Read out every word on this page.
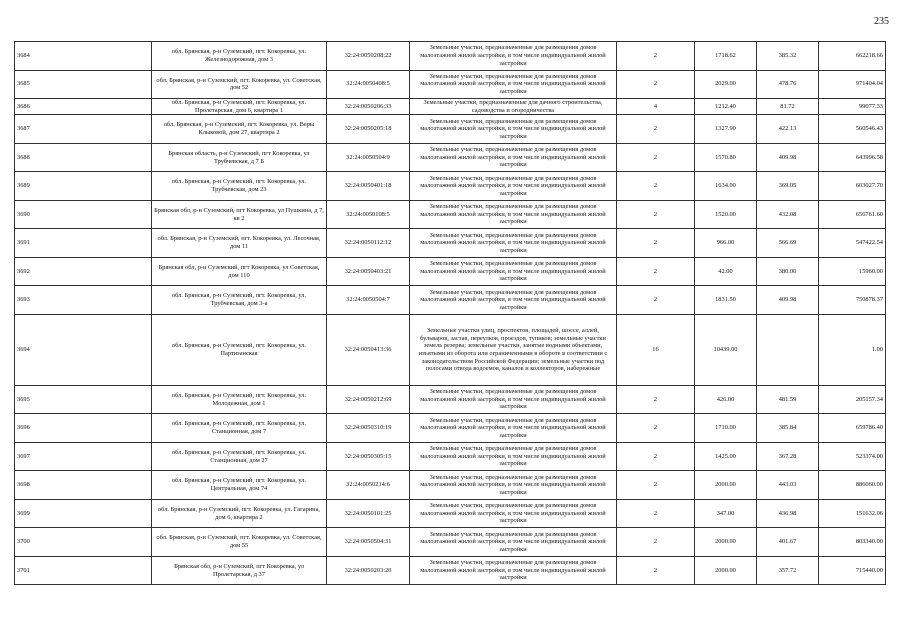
235
3684	обл. Брянская, р-н Суземский, пгт. Кокоревка, ул. Железнодорожная, дом 3	32:24:0050208:22	Земельные участки, предназначенные для размещения домов малоэтажной жилой застройки, в том числе индивидуальной жилой застройки	2	1718.62	385.32	662218.66
3685	обл. Брянская, р-н Суземский, пгт. Кокоревка, ул. Советская, дом 52	32:24:0050408:5	Земельные участки, предназначенные для размещения домов малоэтажной жилой застройки, в том числе индивидуальной жилой застройки	2	2029.00	478.76	971404.04
3686	обл. Брянская, р-н Суземский, пгт. Кокоревка, ул. Пролетарская, дом 6, квартира 1	32:24:0050206:33	Земельные участки, предназначенные для дачного строительства, садоводства и огородничества	4	1212.40	81.72	99077.33
3687	обл. Брянская, р-н Суземский, пгт. Кокоревка, ул. Веры Клыковой, дом 27, квартира 2	32:24:0050205:18	Земельные участки, предназначенные для размещения домов малоэтажной жилой застройки, в том числе индивидуальной жилой застройки	2	1327.90	422.13	560546.43
3688	Брянская область, р-н Суземский, пгт Кокоревка, ул Трубчевская, д 7 Б	32:24:0050504:9	Земельные участки, предназначенные для размещения домов малоэтажной жилой застройки, в том числе индивидуальной жилой застройки	2	1570.80	409.98	643996.58
3689	обл. Брянская, р-н Суземский, пгт. Кокоревка, ул. Трубчевская, дом 23	32:24:0050401:18	Земельные участки, предназначенные для размещения домов малоэтажной жилой застройки, в том числе индивидуальной жилой застройки	2	1634.00	369.05	603027.70
3690	Брянская обл, р-н Суземский, пгт Кокоревка, ул Пушкина, д 7, кв 2	32:24:0050108:5	Земельные участки, предназначенные для размещения домов малоэтажной жилой застройки, в том числе индивидуальной жилой застройки	2	1520.00	432.08	656761.60
3691	обл. Брянская, р-н Суземский, пгт. Кокоревка, ул. Лесочная, дом 11	32:24:0050112:12	Земельные участки, предназначенные для размещения домов малоэтажной жилой застройки, в том числе индивидуальной жилой застройки	2	966.00	566.69	547422.54
3692	Брянская обл, р-н Суземский, пгт Кокоревка, ул Советская, дом 110	32:24:0050403:21	Земельные участки, предназначенные для размещения домов малоэтажной жилой застройки, в том числе индивидуальной жилой застройки	2	42.00	380.00	15960.00
3693	обл. Брянская, р-н Суземский, пгт. Кокоревка, ул. Трубчевская, дом 3-а	32:24:0050504:7	Земельные участки, предназначенные для размещения домов малоэтажной жилой застройки, в том числе индивидуальной жилой застройки	2	1831.50	409.98	750878.37
3694	обл. Брянская, р-н Суземский, пгт. Кокоревка, ул. Партизанская	32:24:0050413:36	Земельные участки улиц, проспектов, площадей, шоссе, аллей, бульваров, застав, переулков, проездов, тупиков; земельные участки земель резерва; земельные участки, занятые водными объектами, изъятыми из оборота или ограниченными в обороте в соответствии с законодательством Российской Федерации; земельные участки под полосами отвода водоемов, каналов и коллекторов, набережные	16	10439.00		1.00
3695	обл. Брянская, р-н Суземский, пгт. Кокоревка, ул. Молодежная, дом 1	32:24:0050212:69	Земельные участки, предназначенные для размещения домов малоэтажной жилой застройки, в том числе индивидуальной жилой застройки	2	426.00	481.59	205157.34
3696	обл. Брянская, р-н Суземский, пгт. Кокоревка, ул. Станционная, дом 7	32:24:0050310:19	Земельные участки, предназначенные для размещения домов малоэтажной жилой застройки, в том числе индивидуальной жилой застройки	2	1710.00	385.84	659786.40
3697	обл. Брянская, р-н Суземский, пгт. Кокоревка, ул. Станционная, дом 27	32:24:0050305:15	Земельные участки, предназначенные для размещения домов малоэтажной жилой застройки, в том числе индивидуальной жилой застройки	2	1425.00	367.28	523374.00
3698	обл. Брянская, р-н Суземский, пгт. Кокоревка, ул. Центральная, дом 74	32:24:0050214:6	Земельные участки, предназначенные для размещения домов малоэтажной жилой застройки, в том числе индивидуальной жилой застройки	2	2000.00	443.03	886060.00
3699	обл. Брянская, р-н Суземский, пгт. Кокоревка, ул. Гагарина, дом 6, квартира 2	32:24:0050101:25	Земельные участки, предназначенные для размещения домов малоэтажной жилой застройки, в том числе индивидуальной жилой застройки	2	347.00	436.98	151632.06
3700	обл. Брянская, р-н Суземский, пгт. Кокоревка, ул. Советская, дом 55	32:24:0050504:31	Земельные участки, предназначенные для размещения домов малоэтажной жилой застройки, в том числе индивидуальной жилой застройки	2	2000.00	401.67	803340.00
3701	Брянская обл, р-н Суземский, пгт Кокоревка, ул Пролетарская, д 37	32:24:0050203:20	Земельные участки, предназначенные для размещения домов малоэтажной жилой застройки, в том числе индивидуальной жилой застройки	2	2000.00	357.72	715440.00
